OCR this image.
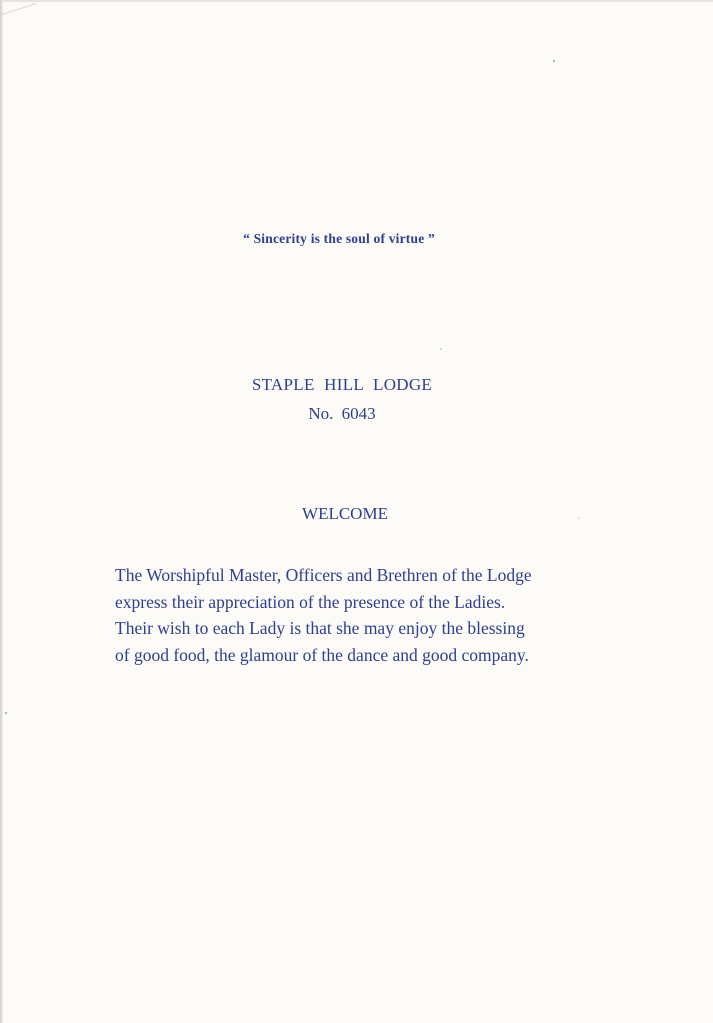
“ Sincerity is the soul of virtue ”
STAPLE HILL LODGE
No. 6043
WELCOME
The Worshipful Master, Officers and Brethren of the Lodge
express their appreciation of the presence of the Ladies.
Their wish to each Lady is that she may enjoy the blessing
of good food, the glamour of the dance and good company.
